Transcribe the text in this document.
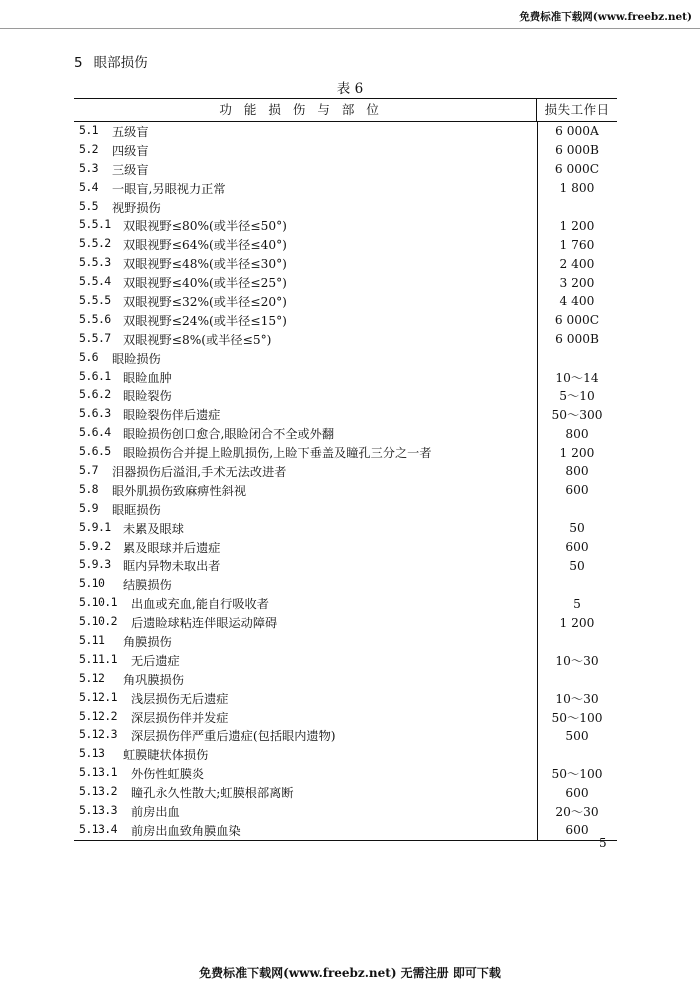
免费标准下载网(www.freebz.net)
5 眼部损伤
表 6
功能损伤与部位	损失工作日
5.1	五级盲	6 000A
5.2	四级盲	6 000B
5.3	三级盲	6 000C
5.4	一眼盲,另眼视力正常	1 800
5.5	视野损伤
5.5.1	双眼视野≤80%(或半径≤50°)	1 200
5.5.2	双眼视野≤64%(或半径≤40°)	1 760
5.5.3	双眼视野≤48%(或半径≤30°)	2 400
5.5.4	双眼视野≤40%(或半径≤25°)	3 200
5.5.5	双眼视野≤32%(或半径≤20°)	4 400
5.5.6	双眼视野≤24%(或半径≤15°)	6 000C
5.5.7	双眼视野≤8%(或半径≤5°)	6 000B
5.6	眼睑损伤
5.6.1	眼睑血肿	10～14
5.6.2	眼睑裂伤	5～10
5.6.3	眼睑裂伤伴后遗症	50～300
5.6.4	眼睑损伤创口愈合,眼睑闭合不全或外翻	800
5.6.5	眼睑损伤合并提上睑肌损伤,上睑下垂盖及瞳孔三分之一者	1 200
5.7	泪器损伤后溢泪,手术无法改进者	800
5.8	眼外肌损伤致麻痹性斜视	600
5.9	眼眶损伤
5.9.1	未累及眼球	50
5.9.2	累及眼球并后遗症	600
5.9.3	眶内异物未取出者	50
5.10	结膜损伤
5.10.1	出血或充血,能自行吸收者	5
5.10.2	后遗睑球粘连伴眼运动障碍	1 200
5.11	角膜损伤
5.11.1	无后遗症	10～30
5.12	角巩膜损伤
5.12.1	浅层损伤无后遗症	10～30
5.12.2	深层损伤伴并发症	50～100
5.12.3	深层损伤伴严重后遗症(包括眼内遗物)	500
5.13	虹膜睫状体损伤
5.13.1	外伤性虹膜炎	50～100
5.13.2	瞳孔永久性散大;虹膜根部离断	600
5.13.3	前房出血	20～30
5.13.4	前房出血致角膜血染	600
5
免费标准下载网(www.freebz.net) 无需注册 即可下载
